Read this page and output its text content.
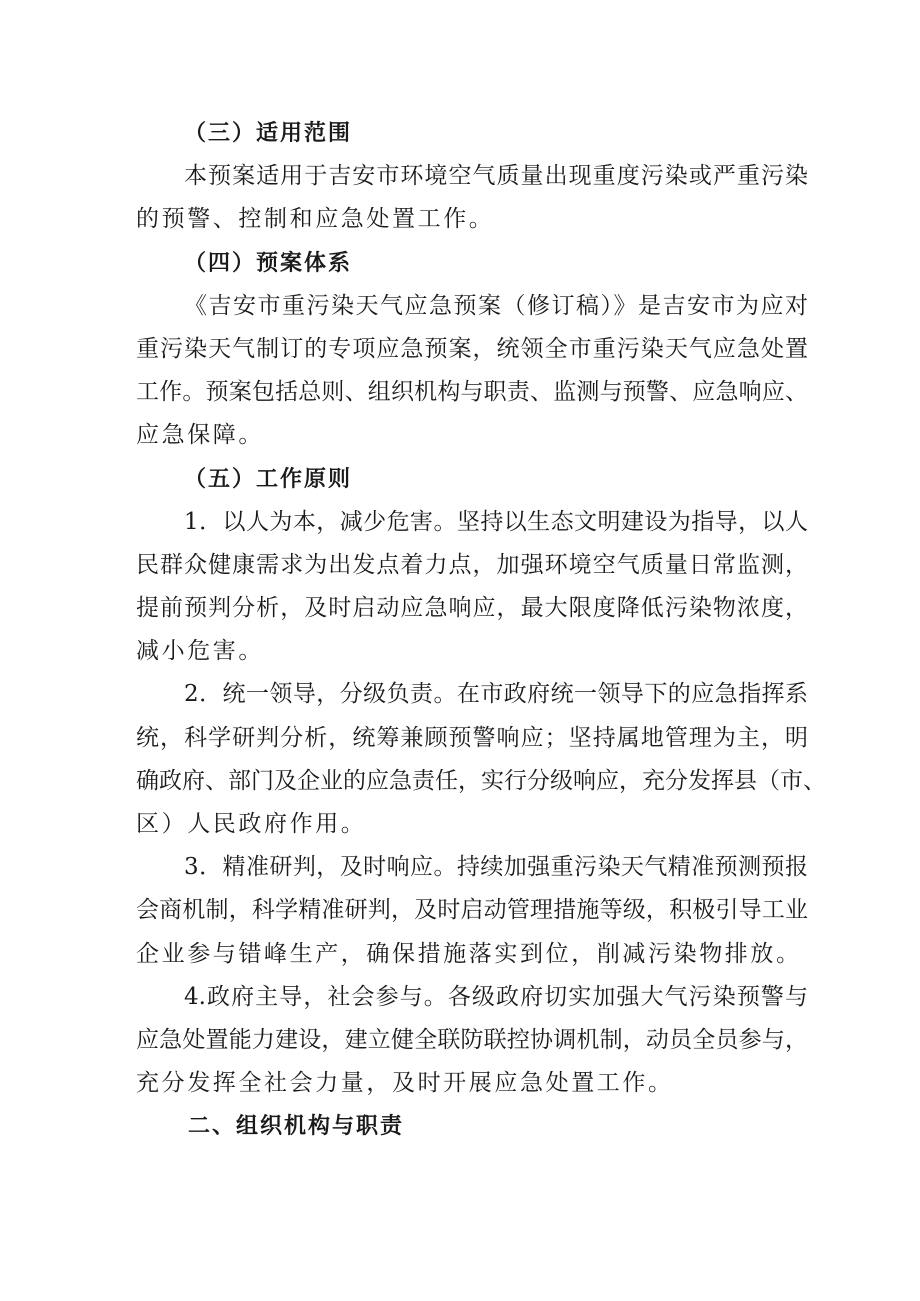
（三）适用范围
本预案适用于吉安市环境空气质量出现重度污染或严重污染
的预警、控制和应急处置工作。
（四）预案体系
《吉安市重污染天气应急预案（修订稿）》是吉安市为应对
重污染天气制订的专项应急预案，统领全市重污染天气应急处置
工作。预案包括总则、组织机构与职责、监测与预警、应急响应、
应急保障。
（五）工作原则
1．以人为本，减少危害。坚持以生态文明建设为指导，以人
民群众健康需求为出发点着力点，加强环境空气质量日常监测，
提前预判分析，及时启动应急响应，最大限度降低污染物浓度，
减小危害。
2．统一领导，分级负责。在市政府统一领导下的应急指挥系
统，科学研判分析，统筹兼顾预警响应；坚持属地管理为主，明
确政府、部门及企业的应急责任，实行分级响应，充分发挥县（市、
区）人民政府作用。
3．精准研判，及时响应。持续加强重污染天气精准预测预报
会商机制，科学精准研判，及时启动管理措施等级，积极引导工业
企业参与错峰生产，确保措施落实到位，削减污染物排放。
4.政府主导，社会参与。各级政府切实加强大气污染预警与
应急处置能力建设，建立健全联防联控协调机制，动员全员参与，
充分发挥全社会力量，及时开展应急处置工作。
二、组织机构与职责
